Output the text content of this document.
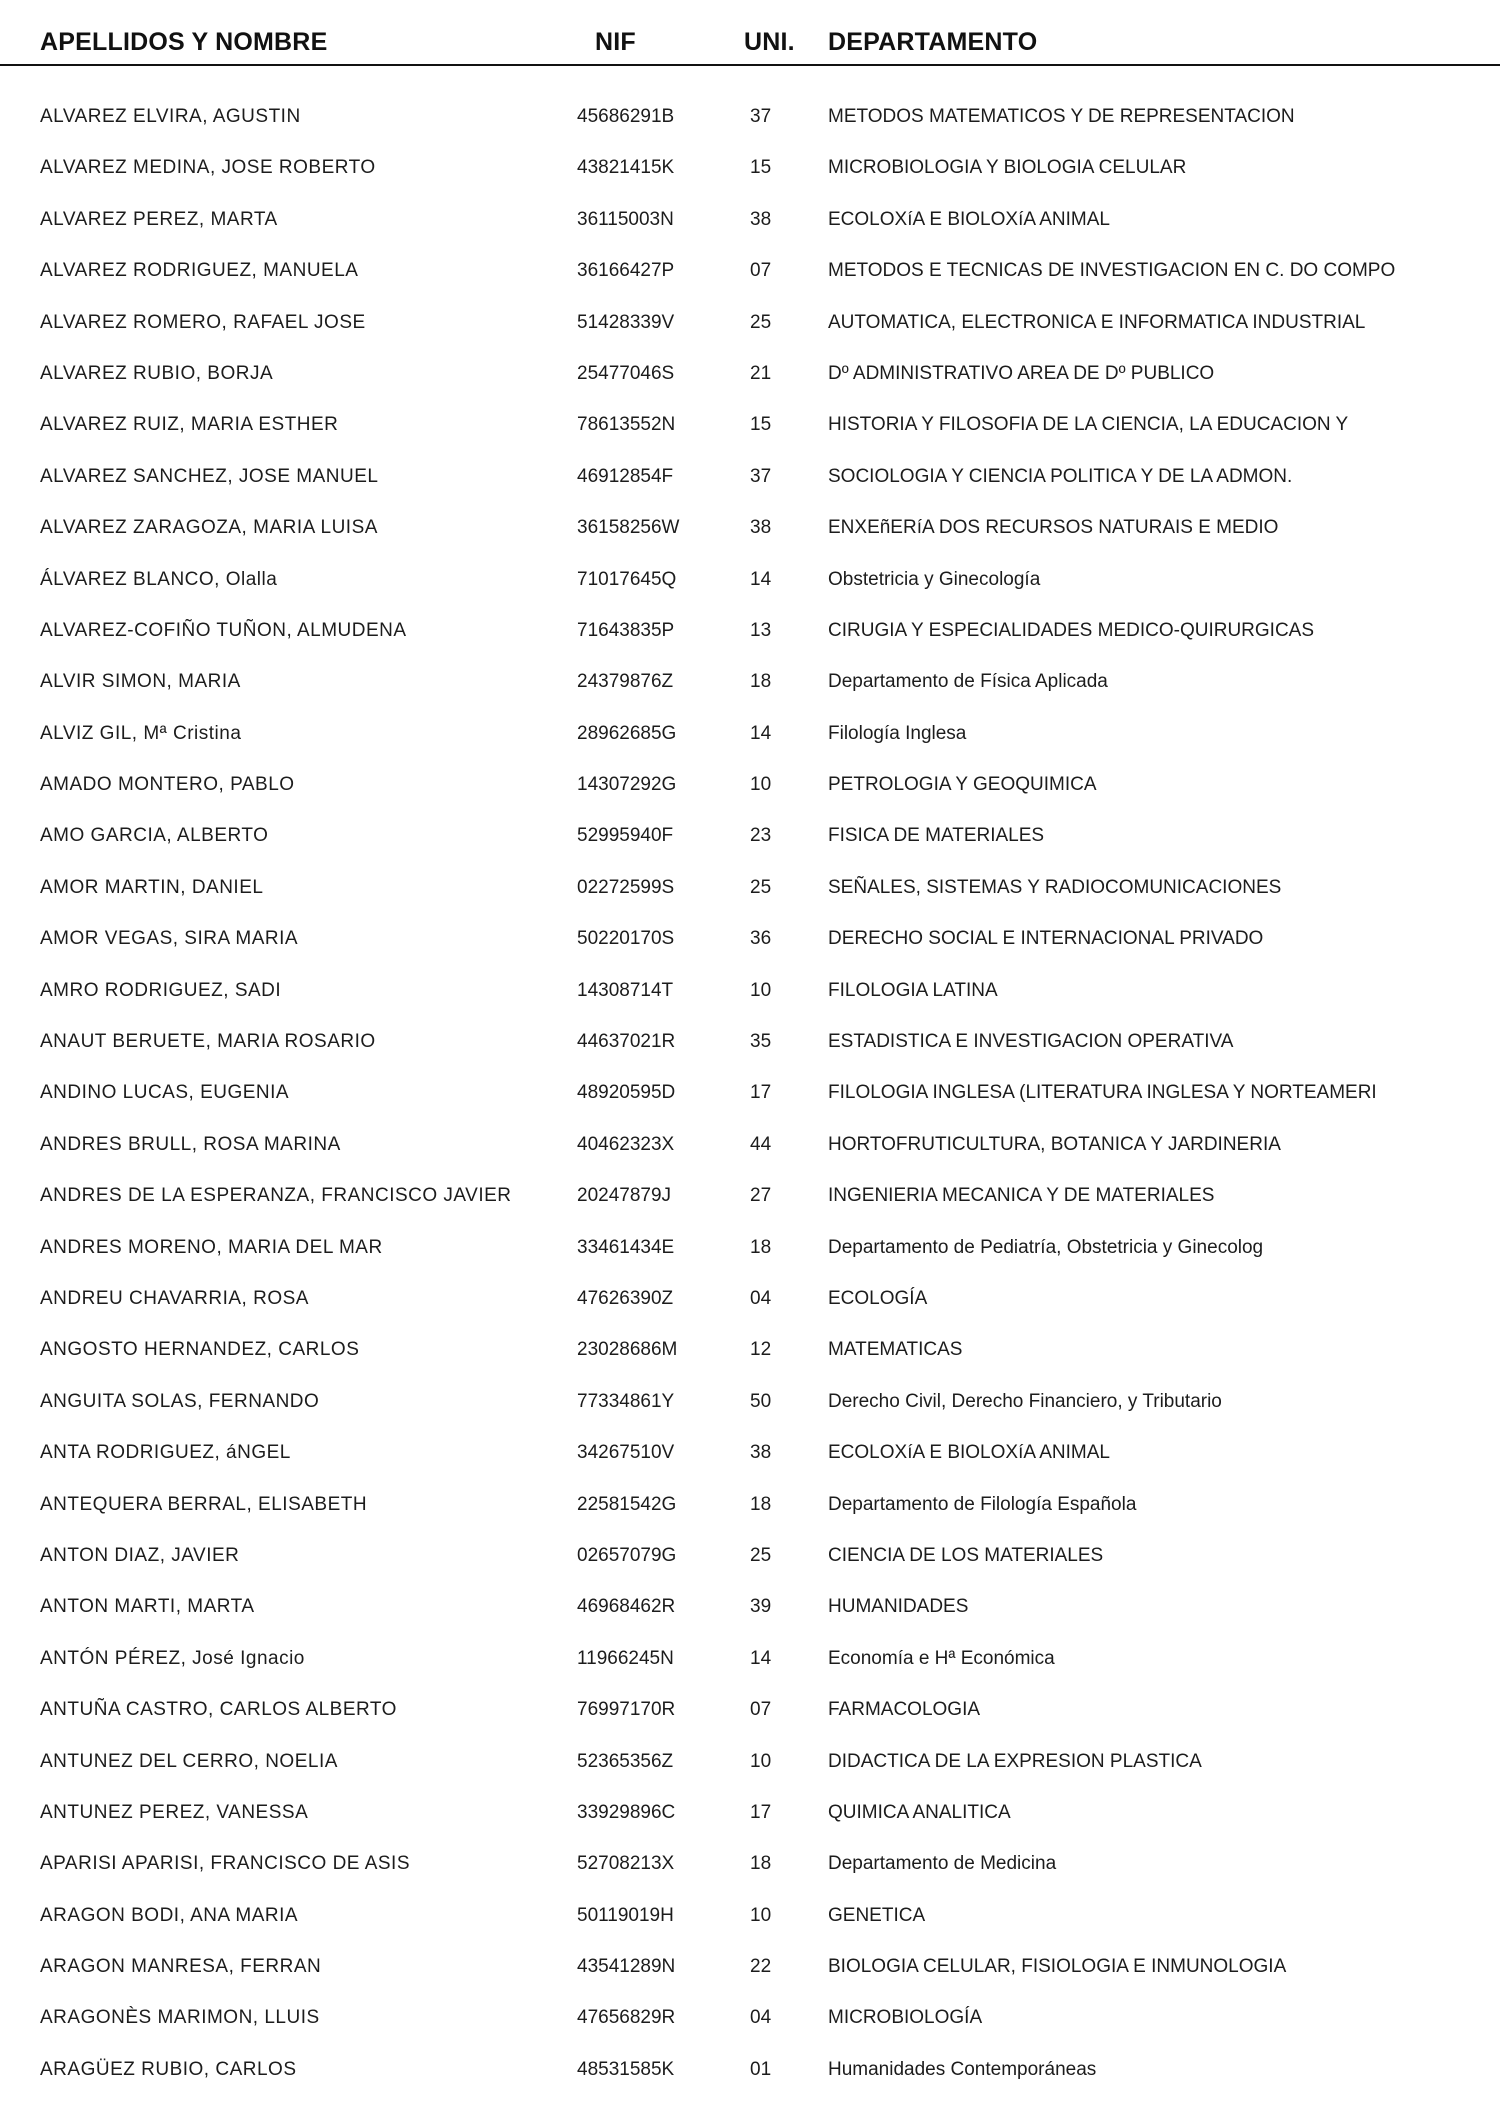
APELLIDOS Y NOMBRE	NIF	UNI. DEPARTAMENTO
ALVAREZ ELVIRA, AGUSTIN	45686291B	37	METODOS MATEMATICOS Y DE REPRESENTACION
ALVAREZ MEDINA, JOSE ROBERTO	43821415K	15	MICROBIOLOGIA Y BIOLOGIA CELULAR
ALVAREZ PEREZ, MARTA	36115003N	38	ECOLOXíA E BIOLOXíA ANIMAL
ALVAREZ RODRIGUEZ, MANUELA	36166427P	07	METODOS E TECNICAS DE INVESTIGACION EN C. DO COMPO
ALVAREZ ROMERO, RAFAEL JOSE	51428339V	25	AUTOMATICA, ELECTRONICA E INFORMATICA INDUSTRIAL
ALVAREZ RUBIO, BORJA	25477046S	21	Dº ADMINISTRATIVO AREA DE Dº PUBLICO
ALVAREZ RUIZ, MARIA ESTHER	78613552N	15	HISTORIA Y FILOSOFIA DE LA CIENCIA, LA EDUCACION Y
ALVAREZ SANCHEZ, JOSE MANUEL	46912854F	37	SOCIOLOGIA Y CIENCIA POLITICA Y DE LA ADMON.
ALVAREZ ZARAGOZA, MARIA LUISA	36158256W	38	ENXEñERíA DOS RECURSOS NATURAIS E MEDIO
ÁLVAREZ BLANCO, Olalla	71017645Q	14	Obstetricia y Ginecología
ALVAREZ-COFIÑO TUÑON, ALMUDENA	71643835P	13	CIRUGIA Y ESPECIALIDADES MEDICO-QUIRURGICAS
ALVIR SIMON, MARIA	24379876Z	18	Departamento de Física Aplicada
ALVIZ GIL, Mª Cristina	28962685G	14	Filología Inglesa
AMADO MONTERO, PABLO	14307292G	10	PETROLOGIA Y GEOQUIMICA
AMO GARCIA, ALBERTO	52995940F	23	FISICA DE MATERIALES
AMOR MARTIN, DANIEL	02272599S	25	SEÑALES, SISTEMAS Y RADIOCOMUNICACIONES
AMOR VEGAS, SIRA MARIA	50220170S	36	DERECHO SOCIAL E INTERNACIONAL PRIVADO
AMRO RODRIGUEZ, SADI	14308714T	10	FILOLOGIA LATINA
ANAUT BERUETE, MARIA ROSARIO	44637021R	35	ESTADISTICA E INVESTIGACION OPERATIVA
ANDINO LUCAS, EUGENIA	48920595D	17	FILOLOGIA INGLESA (LITERATURA INGLESA Y NORTEAMERI
ANDRES BRULL, ROSA MARINA	40462323X	44	HORTOFRUTICULTURA, BOTANICA Y JARDINERIA
ANDRES DE LA ESPERANZA, FRANCISCO JAVIER	20247879J	27	INGENIERIA MECANICA Y DE MATERIALES
ANDRES MORENO, MARIA DEL MAR	33461434E	18	Departamento de Pediatría, Obstetricia y Ginecolog
ANDREU CHAVARRIA, ROSA	47626390Z	04	ECOLOGÍA
ANGOSTO HERNANDEZ, CARLOS	23028686M	12	MATEMATICAS
ANGUITA SOLAS, FERNANDO	77334861Y	50	Derecho Civil, Derecho Financiero, y Tributario
ANTA RODRIGUEZ, áNGEL	34267510V	38	ECOLOXíA E BIOLOXíA ANIMAL
ANTEQUERA BERRAL, ELISABETH	22581542G	18	Departamento de Filología Española
ANTON DIAZ, JAVIER	02657079G	25	CIENCIA DE LOS MATERIALES
ANTON MARTI, MARTA	46968462R	39	HUMANIDADES
ANTÓN PÉREZ, José Ignacio	11966245N	14	Economía e Hª Económica
ANTUÑA CASTRO, CARLOS ALBERTO	76997170R	07	FARMACOLOGIA
ANTUNEZ DEL CERRO, NOELIA	52365356Z	10	DIDACTICA DE LA EXPRESION PLASTICA
ANTUNEZ PEREZ, VANESSA	33929896C	17	QUIMICA ANALITICA
APARISI APARISI, FRANCISCO DE ASIS	52708213X	18	Departamento de Medicina
ARAGON BODI, ANA MARIA	50119019H	10	GENETICA
ARAGON MANRESA, FERRAN	43541289N	22	BIOLOGIA CELULAR, FISIOLOGIA E INMUNOLOGIA
ARAGONÈS MARIMON, LLUIS	47656829R	04	MICROBIOLOGÍA
ARAGÜEZ RUBIO, CARLOS	48531585K	01	Humanidades Contemporáneas
